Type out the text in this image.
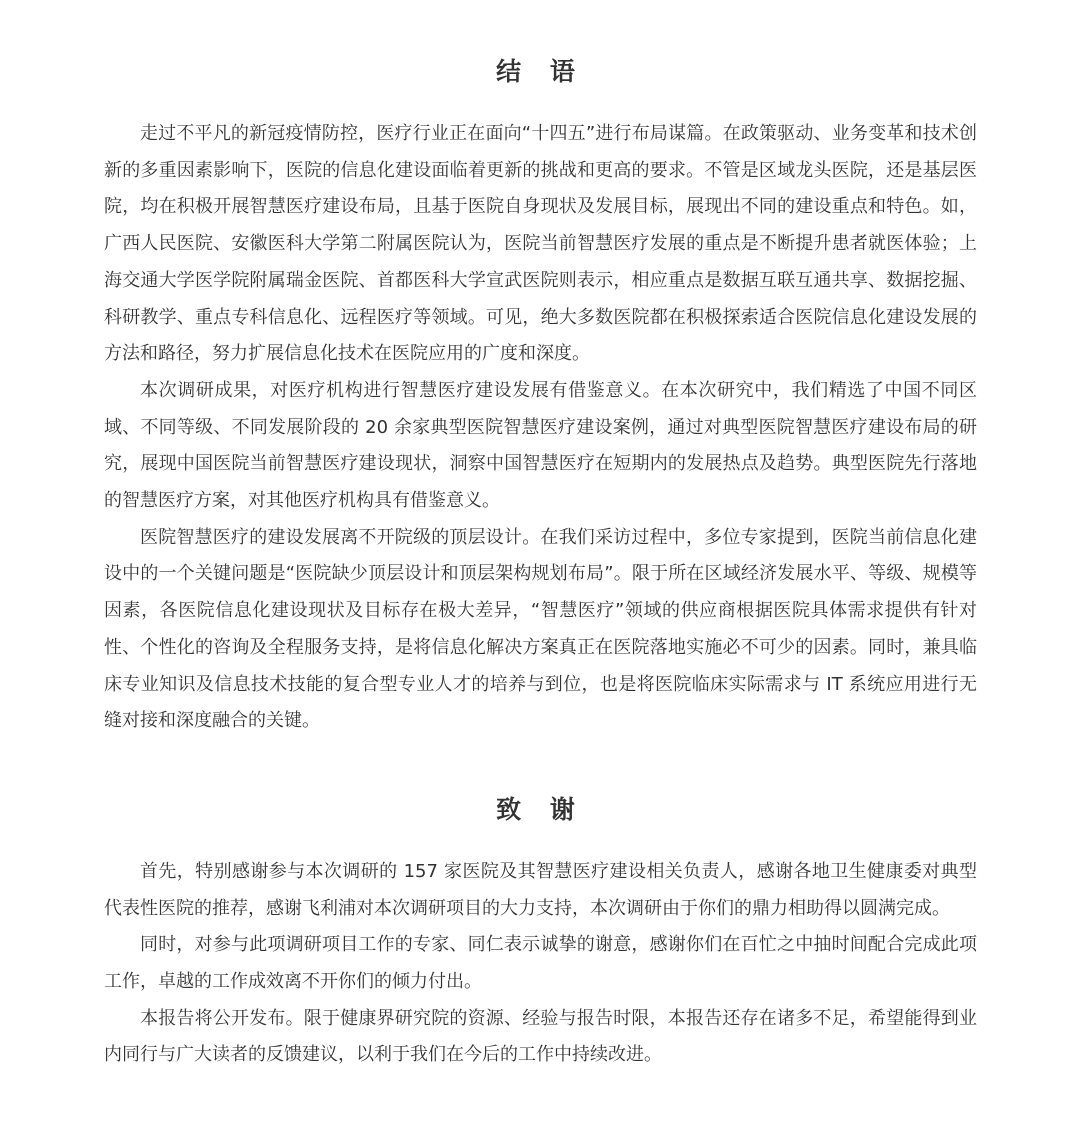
结 语

走过不平凡的新冠疫情防控，医疗行业正在面向“十四五”进行布局谋篇。在政策驱动、业务变革和技术创新的多重因素影响下，医院的信息化建设面临着更新的挑战和更高的要求。不管是区域龙头医院，还是基层医院，均在积极开展智慧医疗建设布局，且基于医院自身现状及发展目标，展现出不同的建设重点和特色。如，广西人民医院、安徽医科大学第二附属医院认为，医院当前智慧医疗发展的重点是不断提升患者就医体验；上海交通大学医学院附属瑞金医院、首都医科大学宣武医院则表示，相应重点是数据互联互通共享、数据挖掘、科研教学、重点专科信息化、远程医疗等领域。可见，绝大多数医院都在积极探索适合医院信息化建设发展的方法和路径，努力扩展信息化技术在医院应用的广度和深度。

本次调研成果，对医疗机构进行智慧医疗建设发展有借鉴意义。在本次研究中，我们精选了中国不同区域、不同等级、不同发展阶段的 20 余家典型医院智慧医疗建设案例，通过对典型医院智慧医疗建设布局的研究，展现中国医院当前智慧医疗建设现状，洞察中国智慧医疗在短期内的发展热点及趋势。典型医院先行落地的智慧医疗方案，对其他医疗机构具有借鉴意义。

医院智慧医疗的建设发展离不开院级的顶层设计。在我们采访过程中，多位专家提到，医院当前信息化建设中的一个关键问题是“医院缺少顶层设计和顶层架构规划布局”。限于所在区域经济发展水平、等级、规模等因素，各医院信息化建设现状及目标存在极大差异，“智慧医疗”领域的供应商根据医院具体需求提供有针对性、个性化的咨询及全程服务支持，是将信息化解决方案真正在医院落地实施必不可少的因素。同时，兼具临床专业知识及信息技术技能的复合型专业人才的培养与到位，也是将医院临床实际需求与 IT 系统应用进行无缝对接和深度融合的关键。

致 谢

首先，特别感谢参与本次调研的 157 家医院及其智慧医疗建设相关负责人，感谢各地卫生健康委对典型代表性医院的推荐，感谢飞利浦对本次调研项目的大力支持，本次调研由于你们的鼎力相助得以圆满完成。

同时，对参与此项调研项目工作的专家、同仁表示诚挚的谢意，感谢你们在百忙之中抽时间配合完成此项工作，卓越的工作成效离不开你们的倾力付出。

本报告将公开发布。限于健康界研究院的资源、经验与报告时限，本报告还存在诸多不足，希望能得到业内同行与广大读者的反馈建议，以利于我们在今后的工作中持续改进。
